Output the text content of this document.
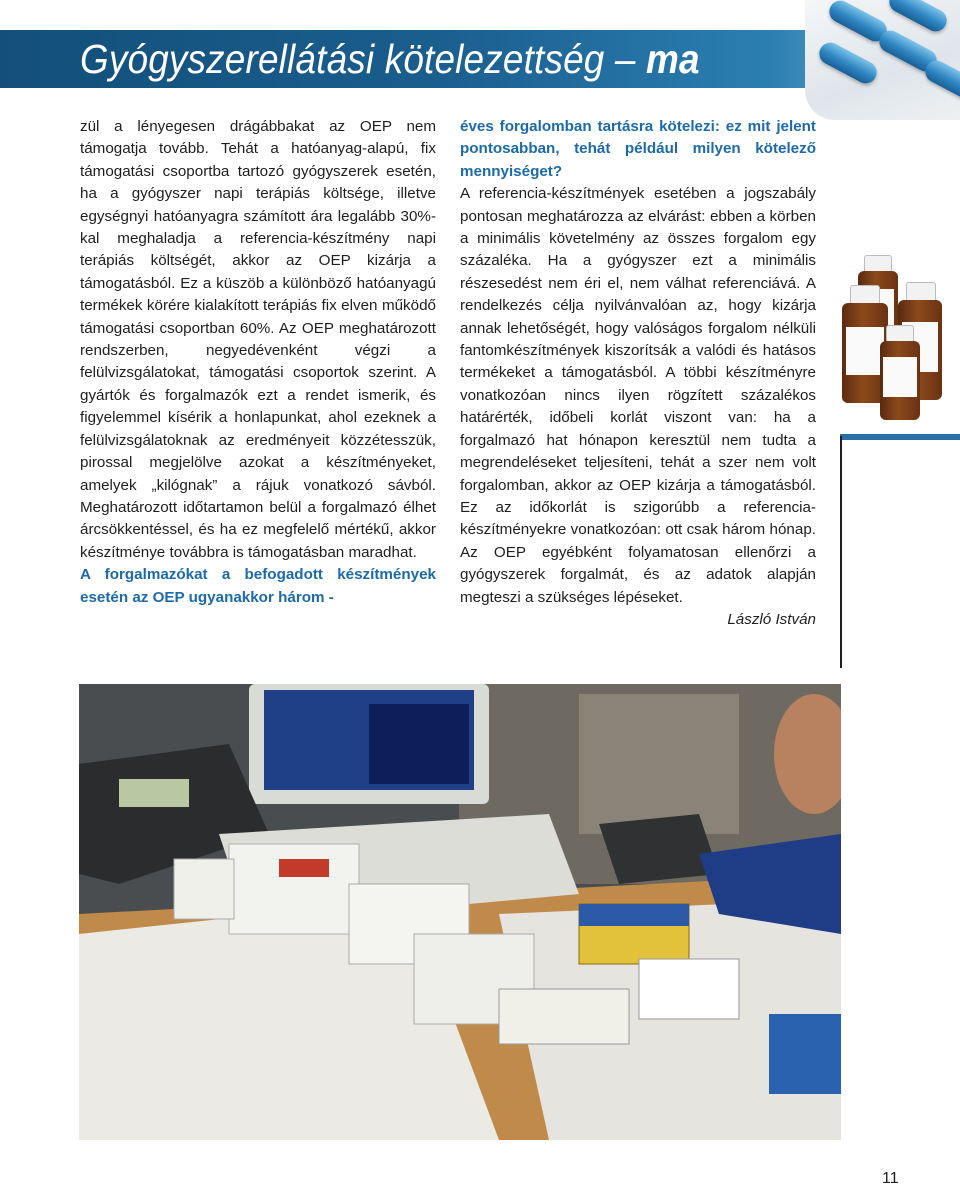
Gyógyszerellátási kötelezettség – ma

zül a lényegesen drágábbakat az OEP nem támogatja tovább. Tehát a hatóanyag-alapú, fix támogatási csoportba tartozó gyógyszerek esetén, ha a gyógyszer napi terápiás költsége, illetve egységnyi hatóanyagra számított ára legalább 30%-kal meghaladja a referencia-készítmény napi terápiás költségét, akkor az OEP kizárja a támogatásból. Ez a küszöb a különböző hatóanyagú termékek körére kialakított terápiás fix elven működő támogatási csoportban 60%. Az OEP meghatározott rendszerben, negyedévenként végzi a felülvizsgálatokat, támogatási csoportok szerint. A gyártók és forgalmazók ezt a rendet ismerik, és figyelemmel kísérik a honlapunkat, ahol ezeknek a felülvizsgálatoknak az eredményeit közzétesszük, pirossal megjelölve azokat a készítményeket, amelyek „kilógnak” a rájuk vonatkozó sávból. Meghatározott időtartamon belül a forgalmazó élhet árcsökkentéssel, és ha ez megfelelő mértékű, akkor készítménye továbbra is támogatásban maradhat.

A forgalmazókat a befogadott készítmények esetén az OEP ugyanakkor három -

éves forgalomban tartásra kötelezi: ez mit jelent pontosabban, tehát például milyen kötelező mennyiséget?

A referencia-készítmények esetében a jogszabály pontosan meghatározza az elvárást: ebben a körben a minimális követelmény az összes forgalom egy százaléka. Ha a gyógyszer ezt a minimális részesedést nem éri el, nem válhat referenciává. A rendelkezés célja nyilvánvalóan az, hogy kizárja annak lehetőségét, hogy valóságos forgalom nélküli fantomkészítmények kiszorítsák a valódi és hatásos termékeket a támogatásból. A többi készítményre vonatkozóan nincs ilyen rögzített százalékos határérték, időbeli korlát viszont van: ha a forgalmazó hat hónapon keresztül nem tudta a megrendeléseket teljesíteni, tehát a szer nem volt forgalomban, akkor az OEP kizárja a támogatásból. Ez az időkorlát is szigorúbb a referencia-készítményekre vonatkozóan: ott csak három hónap. Az OEP egyébként folyamatosan ellenőrzi a gyógyszerek forgalmát, és az adatok alapján megteszi a szükséges lépéseket.

László István

11
